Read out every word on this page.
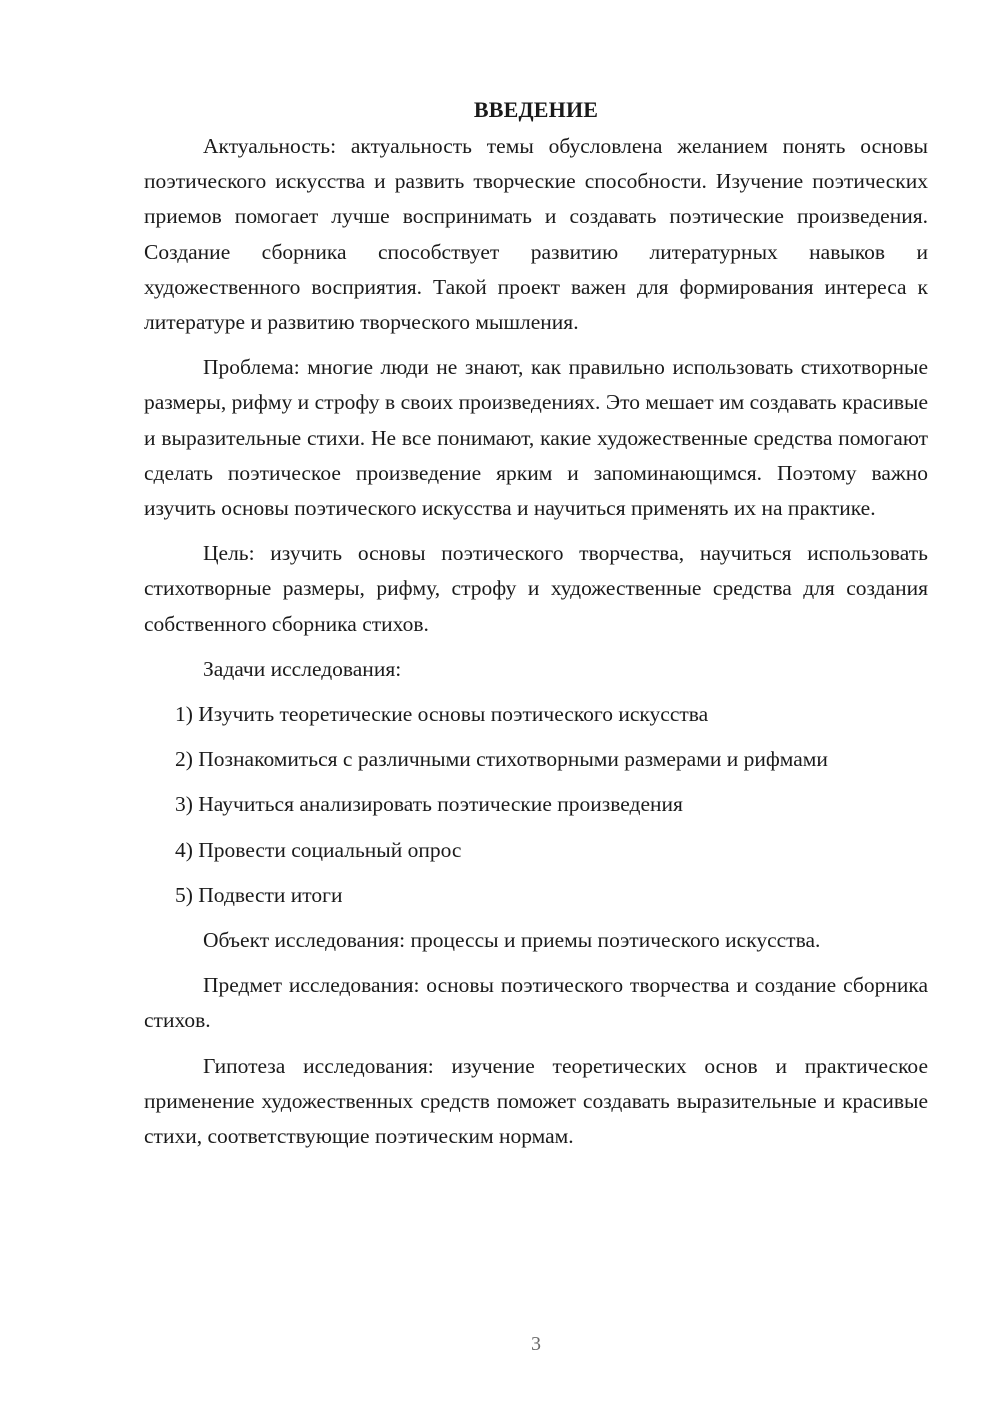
ВВЕДЕНИЕ

Актуальность: актуальность темы обусловлена желанием понять основы поэтического искусства и развить творческие способности. Изучение поэтических приемов помогает лучше воспринимать и создавать поэтические произведения. Создание сборника способствует развитию литературных навыков и художественного восприятия. Такой проект важен для формирования интереса к литературе и развитию творческого мышления.

Проблема: многие люди не знают, как правильно использовать стихотворные размеры, рифму и строфу в своих произведениях. Это мешает им создавать красивые и выразительные стихи. Не все понимают, какие художественные средства помогают сделать поэтическое произведение ярким и запоминающимся. Поэтому важно изучить основы поэтического искусства и научиться применять их на практике.

Цель: изучить основы поэтического творчества, научиться использовать стихотворные размеры, рифму, строфу и художественные средства для создания собственного сборника стихов.

Задачи исследования:

1) Изучить теоретические основы поэтического искусства

2) Познакомиться с различными стихотворными размерами и рифмами

3) Научиться анализировать поэтические произведения

4) Провести социальный опрос

5) Подвести итоги

Объект исследования: процессы и приемы поэтического искусства.

Предмет исследования: основы поэтического творчества и создание сборника стихов.

Гипотеза исследования: изучение теоретических основ и практическое применение художественных средств поможет создавать выразительные и красивые стихи, соответствующие поэтическим нормам.

3
